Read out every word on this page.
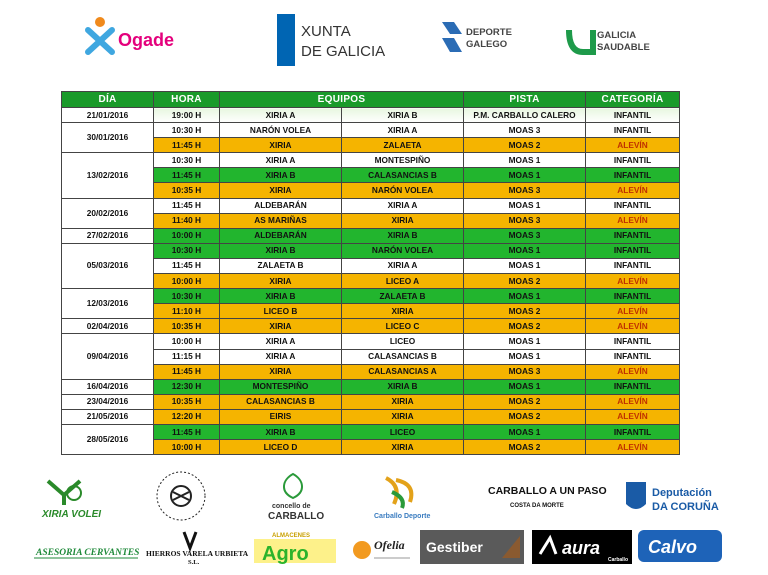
Ogade	XUNTA
DE GALICIA
DEPORTE
GALEGO
GALICIA
SAUDABLE
DÍA	HORA	EQUIPOS		PISTA	CATEGORÍA
21/01/2016	19:00 H	XIRIA A	XIRIA B	P.M. CARBALLO CALERO	INFANTIL
30/01/2016	10:30 H	NARÓN VOLEA	XIRIA A	MOAS 3	INFANTIL
	11:45 H	XIRIA	ZALAETA	MOAS 2	ALEVÍN
13/02/2016	10:30 H	XIRIA A	MONTESPIÑO	MOAS 1	INFANTIL
	11:45 H	XIRIA B	CALASANCIAS B	MOAS 1	INFANTIL
	10:35 H	XIRIA	NARÓN VOLEA	MOAS 3	ALEVÍN
20/02/2016	11:45 H	ALDEBARÁN	XIRIA A	MOAS 1	INFANTIL
	11:40 H	AS MARIÑAS	XIRIA	MOAS 3	ALEVÍN
27/02/2016	10:00 H	ALDEBARÁN	XIRIA B	MOAS 3	INFANTIL
05/03/2016	10:30 H	XIRIA B	NARÓN VOLEA	MOAS 1	INFANTIL
	11:45 H	ZALAETA B	XIRIA A	MOAS 1	INFANTIL
	10:00 H	XIRIA	LICEO A	MOAS 2	ALEVÍN
12/03/2016	10:30 H	XIRIA B	ZALAETA B	MOAS 1	INFANTIL
	11:10 H	LICEO B	XIRIA	MOAS 2	ALEVÍN
02/04/2016	10:35 H	XIRIA	LICEO C	MOAS 2	ALEVÍN
09/04/2016	10:00 H	XIRIA A	LICEO	MOAS 1	INFANTIL
	11:15 H	XIRIA A	CALASANCIAS B	MOAS 1	INFANTIL
	11:45 H	XIRIA	CALASANCIAS A	MOAS 3	ALEVÍN
16/04/2016	12:30 H	MONTESPIÑO	XIRIA B	MOAS 1	INFANTIL
23/04/2016	10:35 H	CALASANCIAS B	XIRIA	MOAS 2	ALEVÍN
21/05/2016	12:20 H	EIRIS	XIRIA	MOAS 2	ALEVÍN
28/05/2016	11:45 H	XIRIA B	LICEO	MOAS 1	INFANTIL
	10:00 H	LICEO D	XIRIA	MOAS 2	ALEVÍN
XIRIA VOLEI
concello de
CARBALLO	Carballo Deporte
CARBALLO A UN PASO
COSTA DA MORTE
Deputación
DA CORUÑA
ASESORIA CERVANTES HIERROS VARELA URBIETA
S.L.
ALMACENES
Agro	Ofelia Gestiber	aura
Carballo
Calvo
